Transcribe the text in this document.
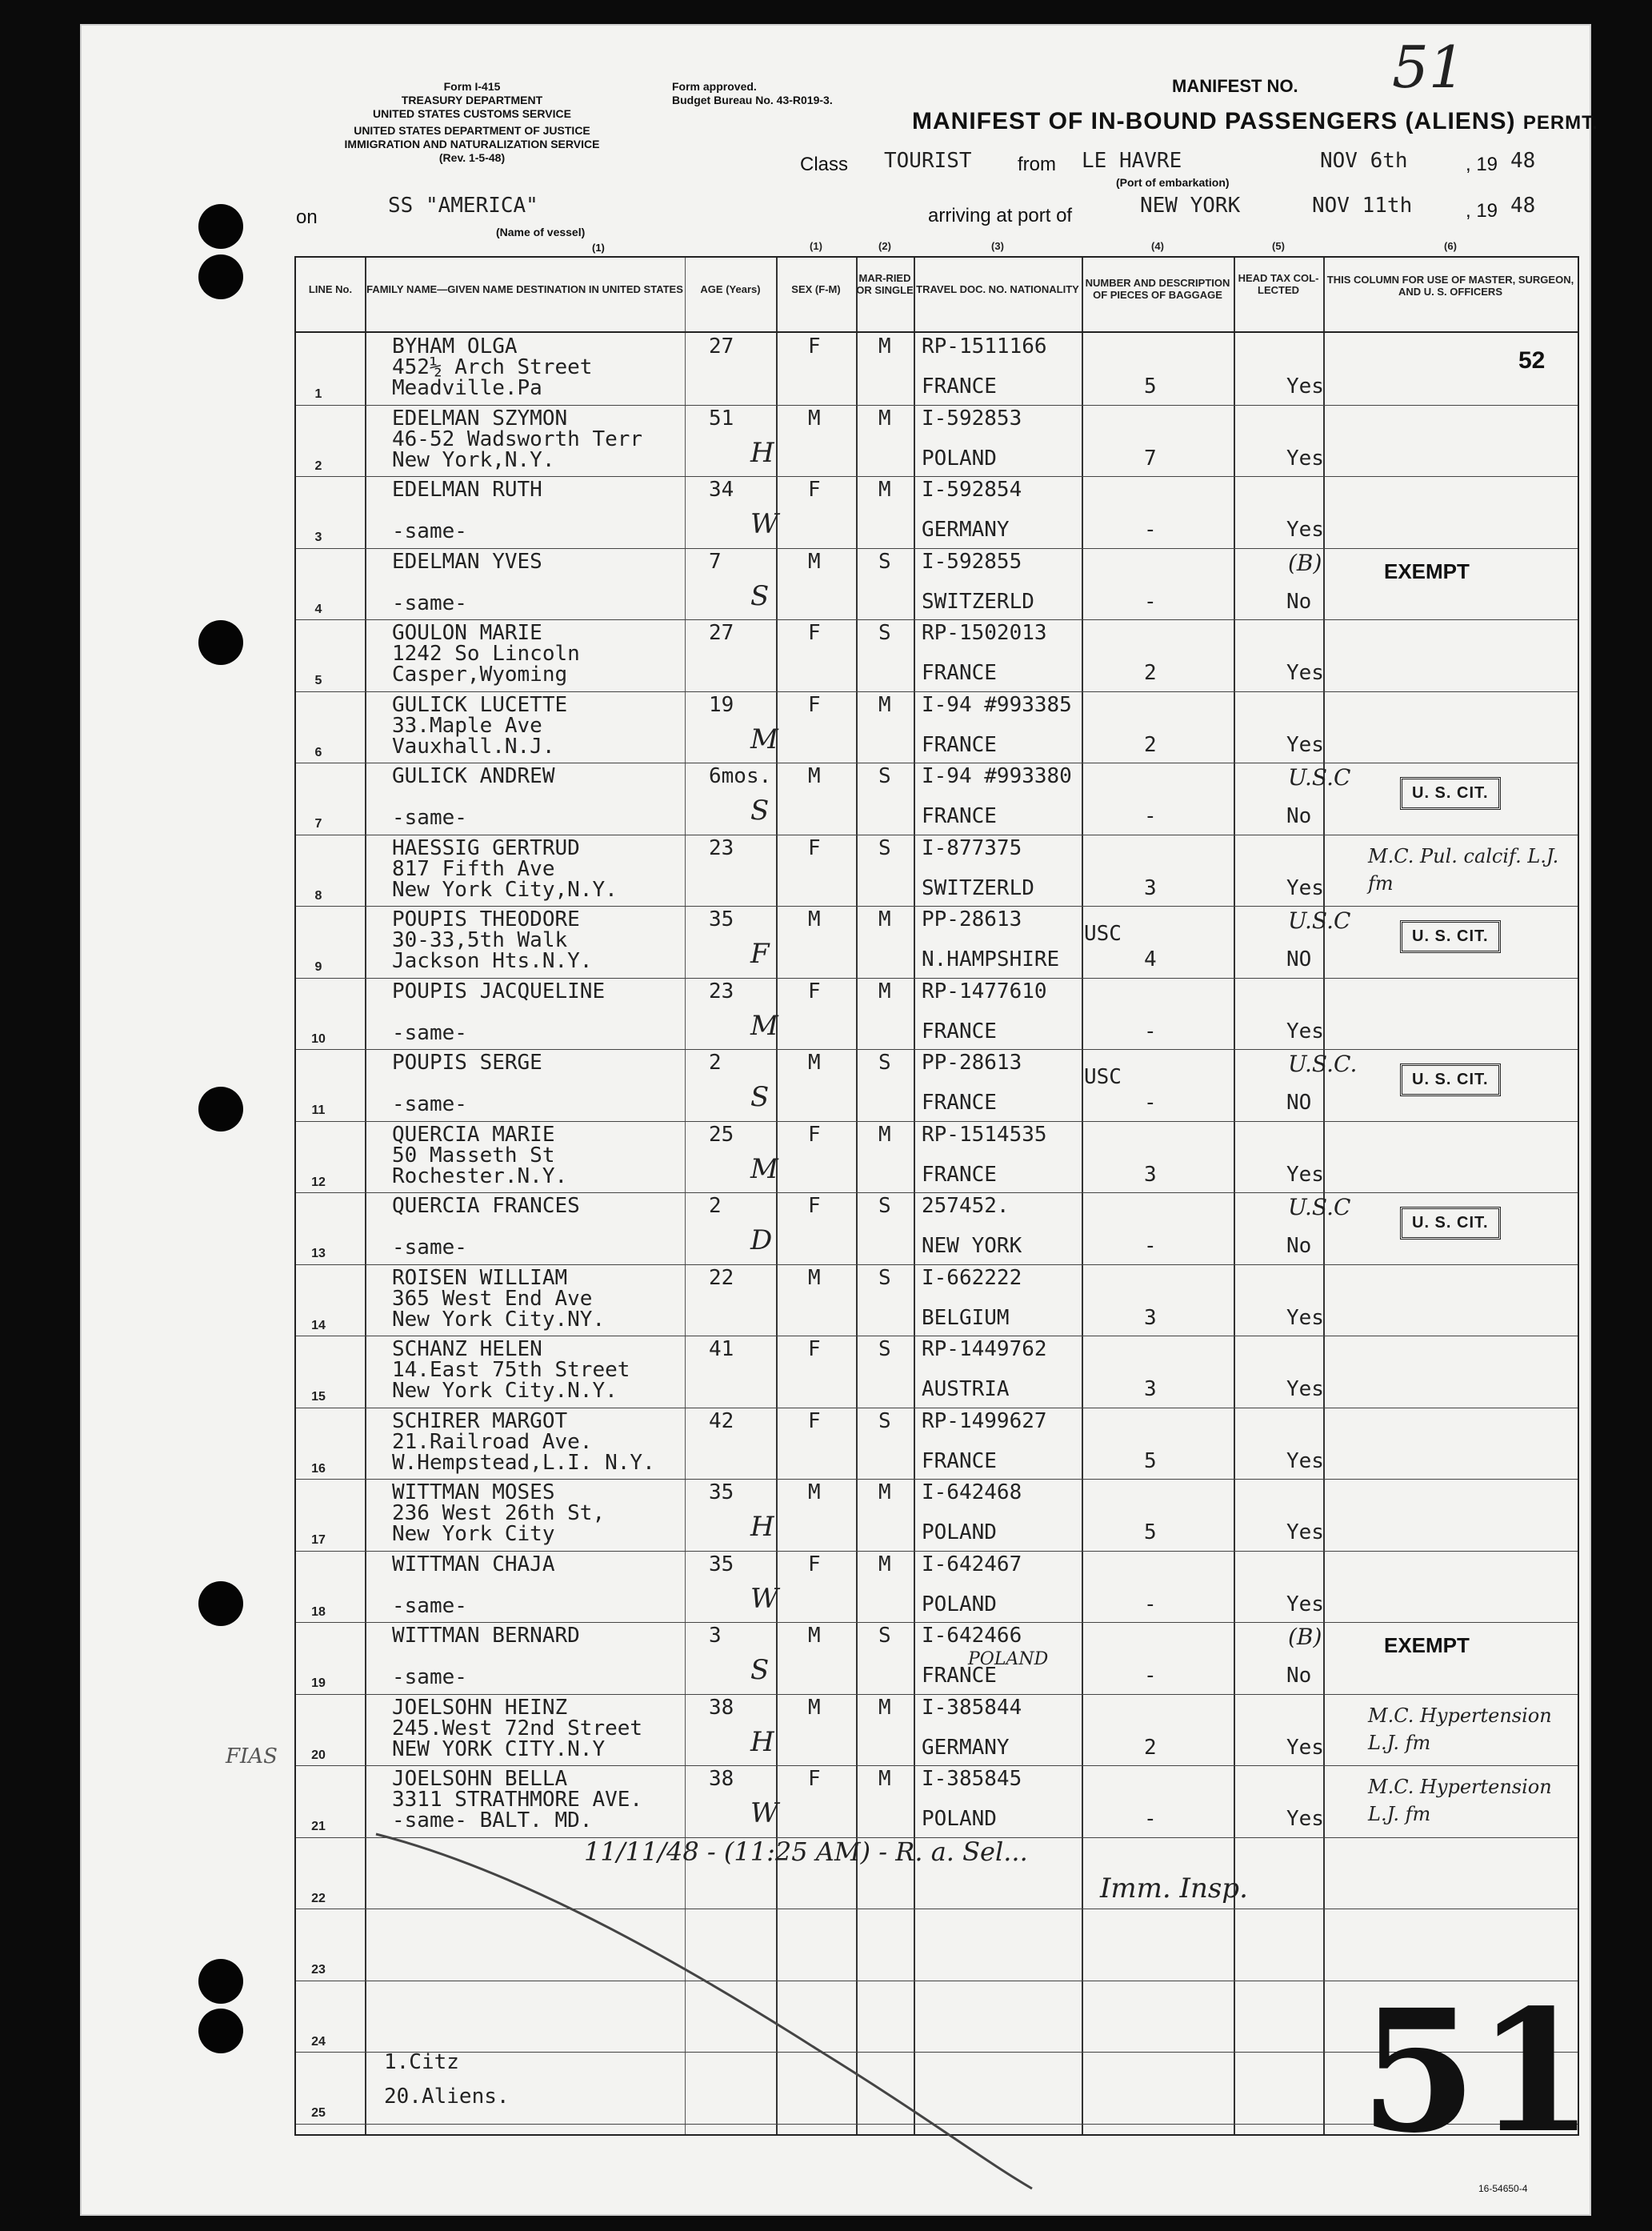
Form I-415
TREASURY DEPARTMENT
UNITED STATES CUSTOMS SERVICE
UNITED STATES DEPARTMENT OF JUSTICE
IMMIGRATION AND NATURALIZATION SERVICE
(Rev. 1-5-48)
Form approved.
Budget Bureau No. 43-R019-3.
MANIFEST NO. 51
MANIFEST OF IN-BOUND PASSENGERS (ALIENS) PERMT.
Class TOURIST from LE HAVRE
(Port of embarkation)
NOV 6th	, 19 48
on	SS "AMERICA"
(Name of vessel)
(1)
arriving at port of	NEW YORK	NOV 11th	, 19 48
LINE No.	FAMILY NAME—GIVEN NAME DESTINATION IN UNITED STATES	AGE (Years)	SEX (F-M)
MAR-RIED OR SINGLE TRAVEL DOC. NO. NATIONALITY
NUMBER AND DESCRIPTION OF PIECES OF BAGGAGE
HEAD TAX COL-LECTED
THIS COLUMN FOR USE OF MASTER, SURGEON, AND U. S. OFFICERS
(1)	(2)	(3)	(4)	(5)	(6)
1
BYHAM OLGA
452½ Arch Street
Meadville.Pa
27	F	M RP-1511166
FRANCE	5	Yes
52
2
EDELMAN SZYMON
46-52 Wadsworth Terr
New York,N.Y.
51	M	M I-592853
POLAND	7	Yes
H
3
EDELMAN RUTH
-same-
34	F	M I-592854
GERMANY	-	Yes
W
4
EDELMAN YVES
-same-
7	M	S I-592855
SWITZERLD	-	No
S
(B)	EXEMPT
5
GOULON MARIE
1242 So Lincoln
Casper,Wyoming
27	F	S RP-1502013
FRANCE	2	Yes
6
GULICK LUCETTE
33.Maple Ave
Vauxhall.N.J.
19	F	M I-94 #993385
FRANCE	2	Yes
M
7
GULICK ANDREW
-same-
6mos. M	S I-94 #993380
FRANCE	-	No
S
U.S.C
U. S. CIT.
8
HAESSIG GERTRUD
817 Fifth Ave
New York City,N.Y.
23	F	S I-877375
SWITZERLD	3	Yes
M.C. Pul. calcif. L.J. fm
9
POUPIS THEODORE
30-33,5th Walk
Jackson Hts.N.Y.
35	M	M PP-28613
N.HAMPSHIRE	4	NO
F
USC	U.S.C
U. S. CIT.
10
POUPIS JACQUELINE
-same-
23	F	M RP-1477610
FRANCE	-	Yes
M
11
POUPIS SERGE
-same-
2	M	S PP-28613
FRANCE	-	NO
S
USC	U.S.C.
U. S. CIT.
12
QUERCIA MARIE
50 Masseth St
Rochester.N.Y.
25	F	M RP-1514535
FRANCE	3	Yes
M
13
QUERCIA FRANCES
-same-
2	F	S 257452.
NEW YORK	-	No
D
U.S.C
U. S. CIT.
14
ROISEN WILLIAM
365 West End Ave
New York City.NY.
22	M	S I-662222
BELGIUM	3	Yes
15
SCHANZ HELEN
14.East 75th Street
New York City.N.Y.
41	F	S RP-1449762
AUSTRIA	3	Yes
16
SCHIRER MARGOT
21.Railroad Ave.
W.Hempstead,L.I. N.Y.
42	F	S RP-1499627
FRANCE	5	Yes
17
WITTMAN MOSES
236 West 26th St,
New York City
35	M	M I-642468
POLAND	5	Yes
H
18
WITTMAN CHAJA
-same-
35	F	M I-642467
POLAND	-	Yes
W
19
WITTMAN BERNARD
-same-
3	M	S I-642466
FRANCE	-	No
S
(B)
POLAND
EXEMPT
20
JOELSOHN HEINZ
245.West 72nd Street
NEW YORK CITY.N.Y
38	M	M I-385844
GERMANY	2	Yes
H
M.C. Hypertension L.J. fm
21
JOELSOHN BELLA
3311 STRATHMORE AVE.
-same- BALT. MD.
38	F	M I-385845
POLAND	-	Yes
W
M.C. Hypertension L.J. fm
22
23
24
25
1.Citz
20.Aliens.
11/11/48 - (11:25 AM) - R. a. Sel...
Imm. Insp.
FIAS
51
16-54650-4
